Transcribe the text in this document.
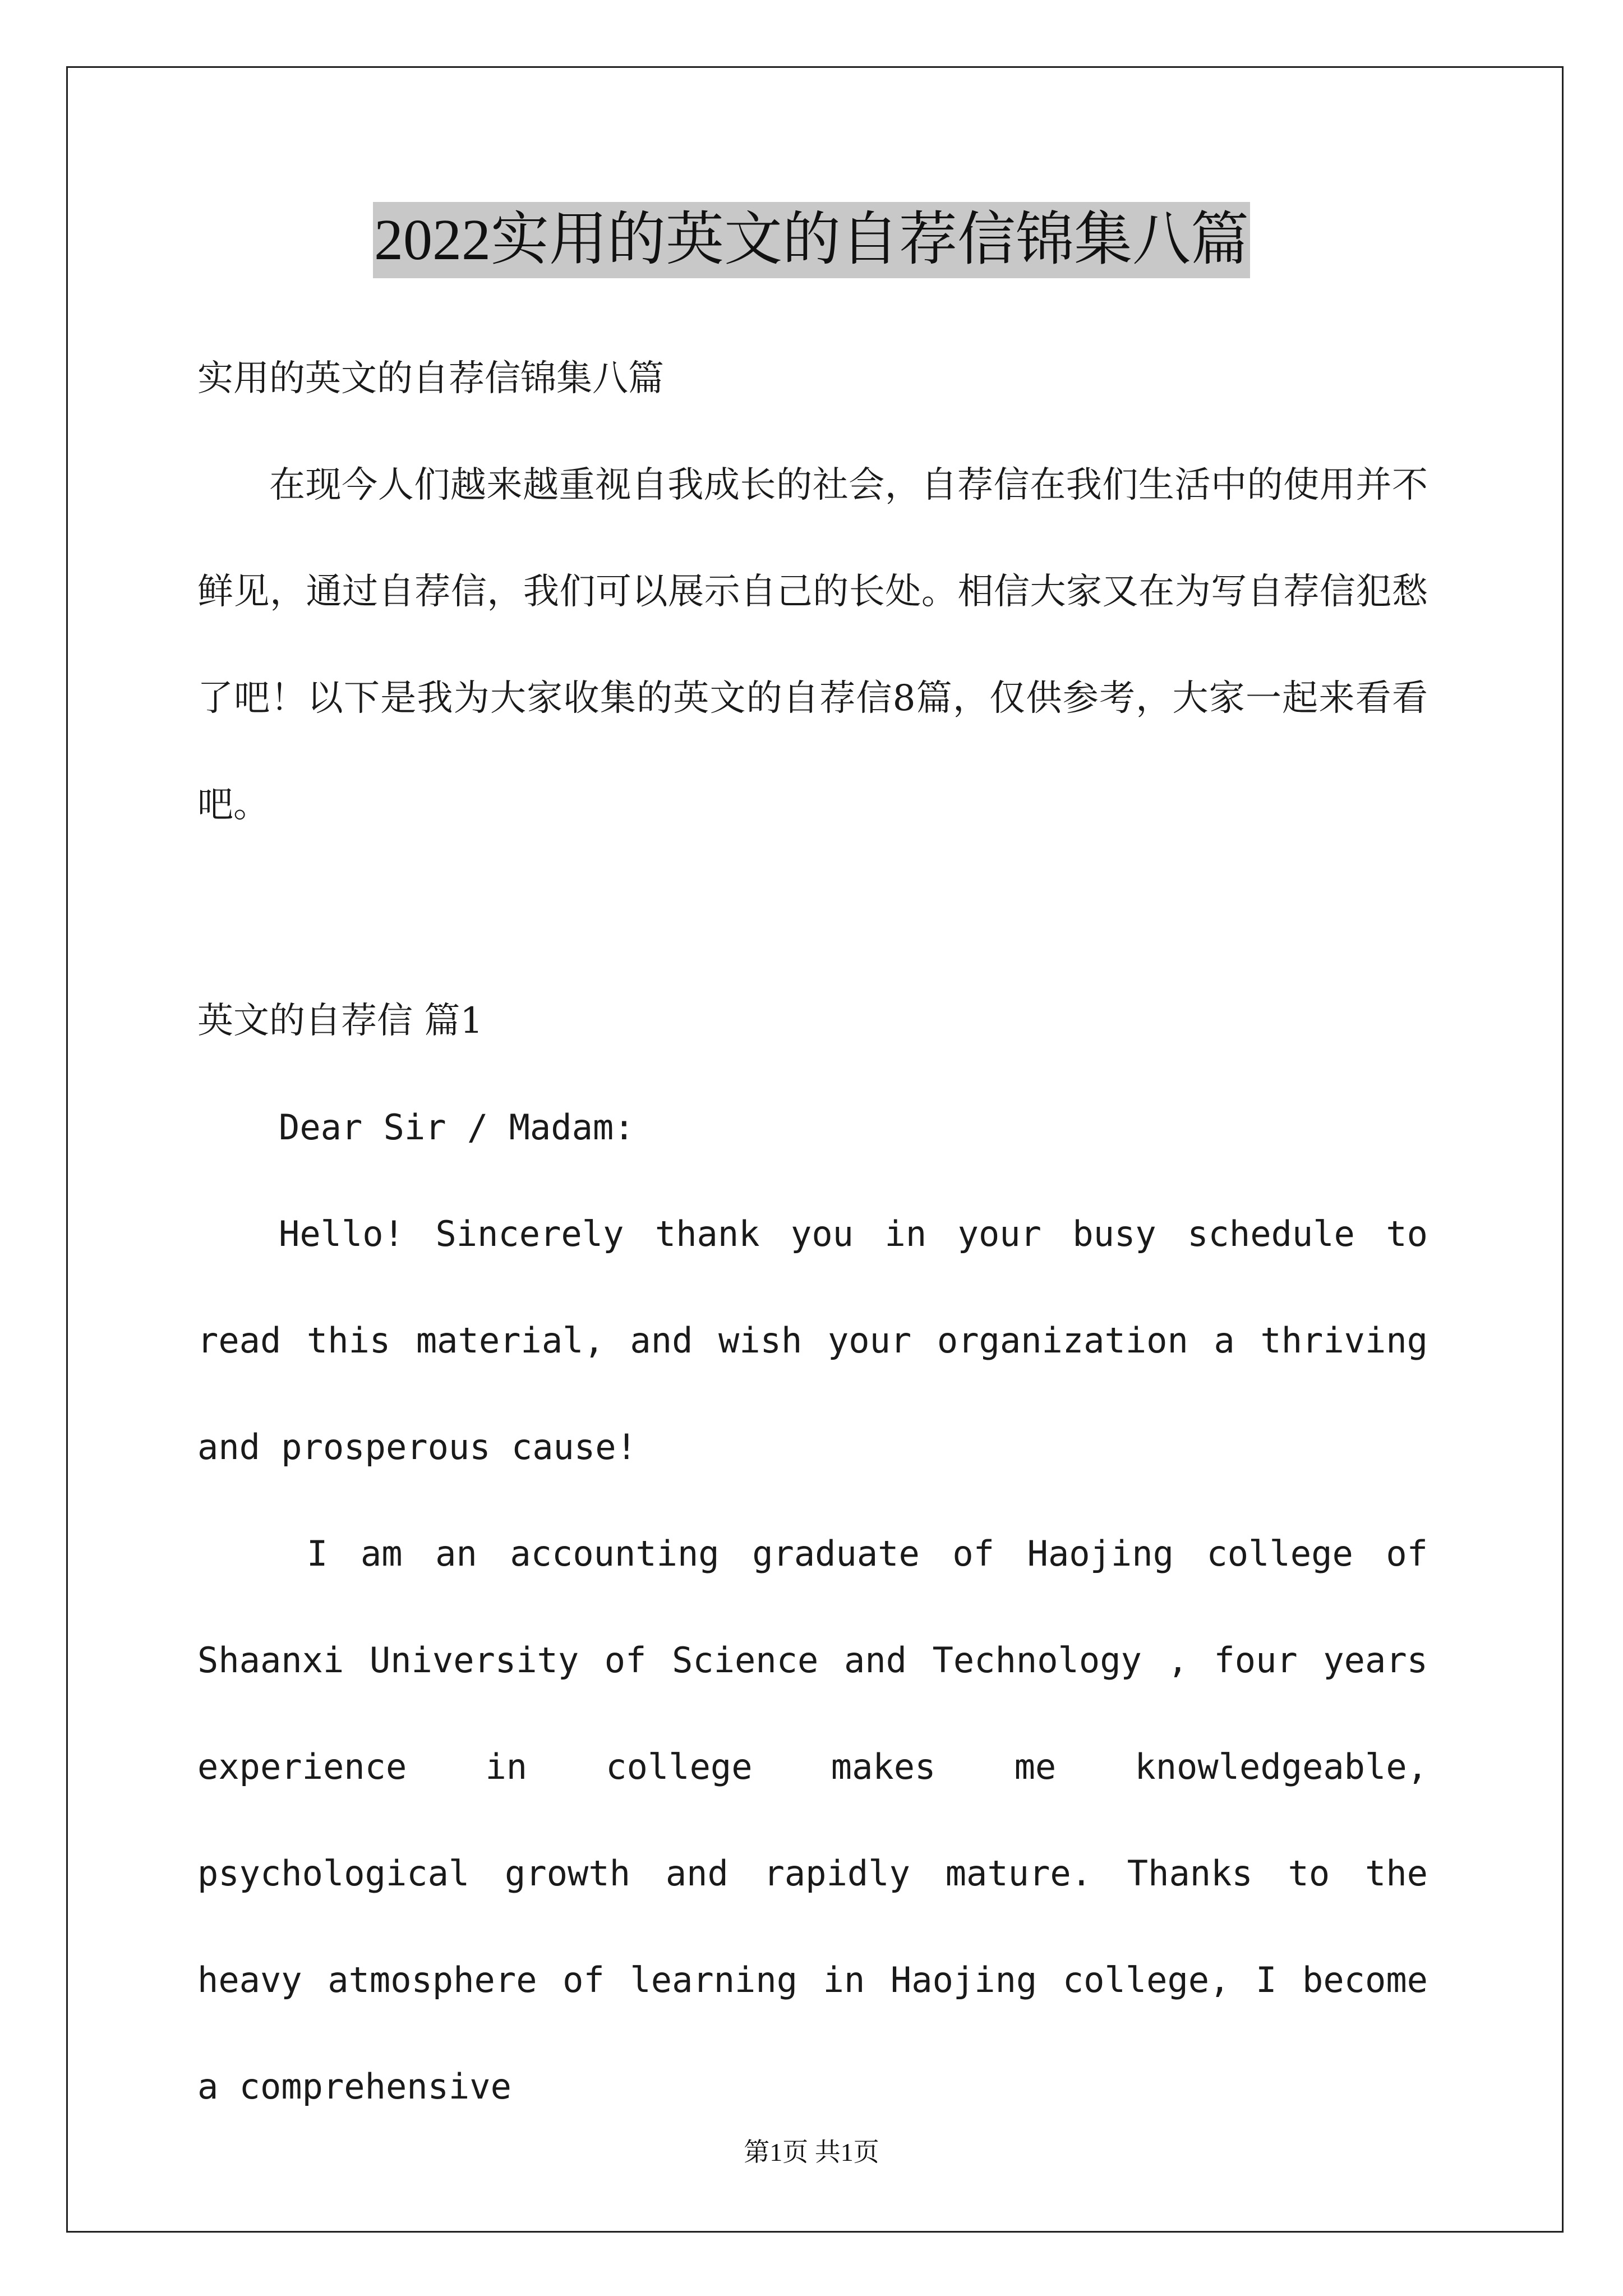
2022实用的英文的自荐信锦集八篇
实用的英文的自荐信锦集八篇
在现今人们越来越重视自我成长的社会，自荐信在我们生活中的使用并不鲜见，通过自荐信，我们可以展示自己的长处。相信大家又在为写自荐信犯愁了吧！以下是我为大家收集的英文的自荐信8篇，仅供参考，大家一起来看看吧。
英文的自荐信 篇1
Dear Sir / Madam:
Hello! Sincerely thank you in your busy schedule to read this material, and wish your organization a thriving and prosperous cause!
I am an accounting graduate of Haojing college of Shaanxi University of Science and Technology , four years experience in college makes me knowledgeable, psychological growth and rapidly mature. Thanks to the heavy atmosphere of learning in Haojing college, I become a comprehensive
第1页 共1页
